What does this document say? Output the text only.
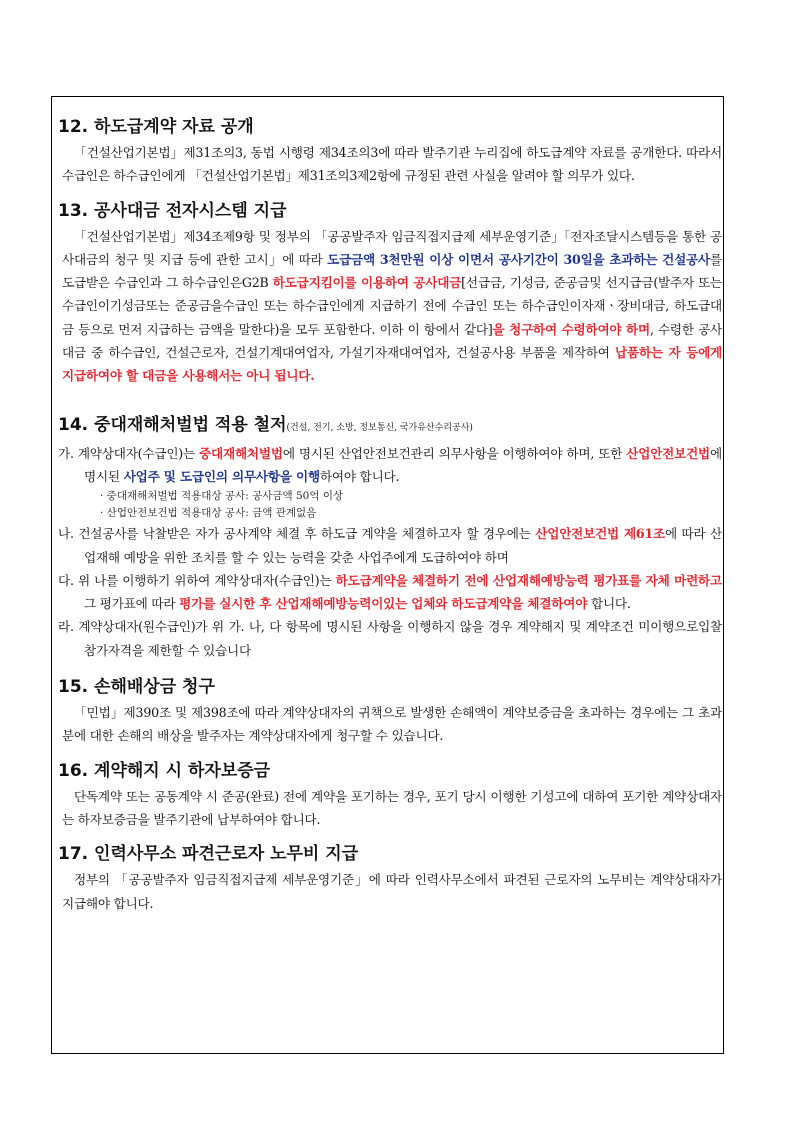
12. 하도급계약 자료 공개

「건설산업기본법」제31조의3, 동법 시행령 제34조의3에 따라 발주기관 누리집에 하도급계약 자료를 공개한다. 따라서 수급인은 하수급인에게 「건설산업기본법」제31조의3제2항에 규정된 관련 사실을 알려야 할 의무가 있다.

13. 공사대금 전자시스템 지급

「건설산업기본법」제34조제9항 및 정부의 「공공발주자 임금직접지급제 세부운영기준」「전자조달시스템등을 통한 공사대금의 청구 및 지급 등에 관한 고시」에 따라 도급금액 3천만원 이상 이면서 공사기간이 30일을 초과하는 건설공사를 도급받은 수급인과 그 하수급인은G2B 하도급지킴이를 이용하여 공사대금[선급금, 기성금, 준공금및 선지급금(발주자 또는 수급인이기성금또는 준공금을수급인 또는 하수급인에게 지급하기 전에 수급인 또는 하수급인이자재ㆍ장비대금, 하도급대금 등으로 먼저 지급하는 금액을 말한다)을 모두 포함한다. 이하 이 항에서 같다]을 청구하여 수령하여야 하며, 수령한 공사대금 중 하수급인, 건설근로자, 건설기계대여업자, 가설기자재대여업자, 건설공사용 부품을 제작하여 납품하는 자 등에게 지급하여야 할 대금을 사용해서는 아니 됩니다.

14. 중대재해처벌법 적용 철저(건설, 전기, 소방, 정보통신, 국가유산수리공사)
가. 계약상대자(수급인)는 중대재해처벌법에 명시된 산업안전보건관리 의무사항을 이행하여야 하며, 또한 산업안전보건법에 명시된 사업주 및 도급인의 의무사항을 이행하여야 합니다.
· 중대재해처벌법 적용대상 공사: 공사금액 50억 이상
· 산업안전보건법 적용대상 공사: 금액 관계없음
나. 건설공사를 낙찰받은 자가 공사계약 체결 후 하도급 계약을 체결하고자 할 경우에는 산업안전보건법 제61조에 따라 산업재해 예방을 위한 조치를 할 수 있는 능력을 갖춘 사업주에게 도급하여야 하며
다. 위 나를 이행하기 위하여 계약상대자(수급인)는 하도급계약을 체결하기 전에 산업재해예방능력 평가표를 자체 마련하고 그 평가표에 따라 평가를 실시한 후 산업재해예방능력이있는 업체와 하도급계약을 체결하여야 합니다.
라. 계약상대자(원수급인)가 위 가. 나, 다 항목에 명시된 사항을 이행하지 않을 경우 계약해지 및 계약조건 미이행으로입찰참가자격을 제한할 수 있습니다
15. 손해배상금 청구

「민법」제390조 및 제398조에 따라 계약상대자의 귀책으로 발생한 손해액이 계약보증금을 초과하는 경우에는 그 초과분에 대한 손해의 배상을 발주자는 계약상대자에게 청구할 수 있습니다.

16. 계약해지 시 하자보증금

단독계약 또는 공동계약 시 준공(완료) 전에 계약을 포기하는 경우, 포기 당시 이행한 기성고에 대하여 포기한 계약상대자는 하자보증금을 발주기관에 납부하여야 합니다.

17. 인력사무소 파견근로자 노무비 지급

정부의 「공공발주자 임금직접지급제 세부운영기준」에 따라 인력사무소에서 파견된 근로자의 노무비는 계약상대자가 지급해야 합니다.
